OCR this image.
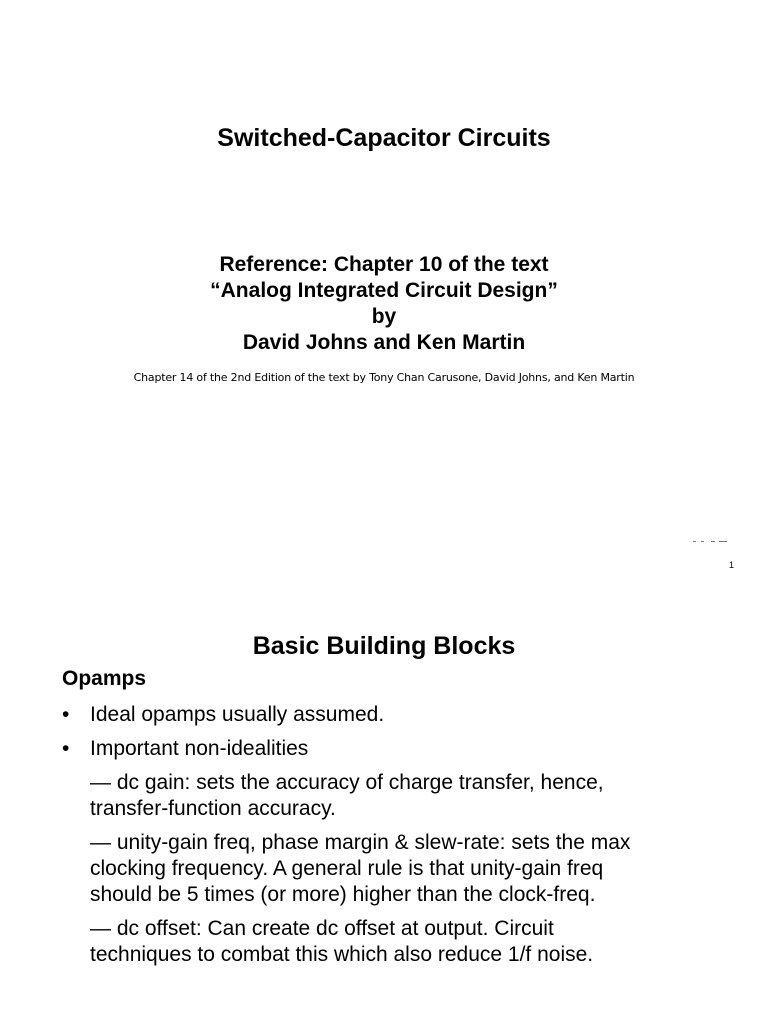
Switched-Capacitor Circuits
Reference: Chapter 10 of the text
“Analog Integrated Circuit Design”
by
David Johns and Ken Martin
Chapter 14 of the 2nd Edition of the text by Tony Chan Carusone, David Johns, and Ken Martin
1
Basic Building Blocks
Opamps
• Ideal opamps usually assumed.
• Important non-idealities
— dc gain: sets the accuracy of charge transfer, hence,
transfer-function accuracy.
— unity-gain freq, phase margin & slew-rate: sets the max
clocking frequency. A general rule is that unity-gain freq
should be 5 times (or more) higher than the clock-freq.
— dc offset: Can create dc offset at output. Circuit
techniques to combat this which also reduce 1/f noise.
